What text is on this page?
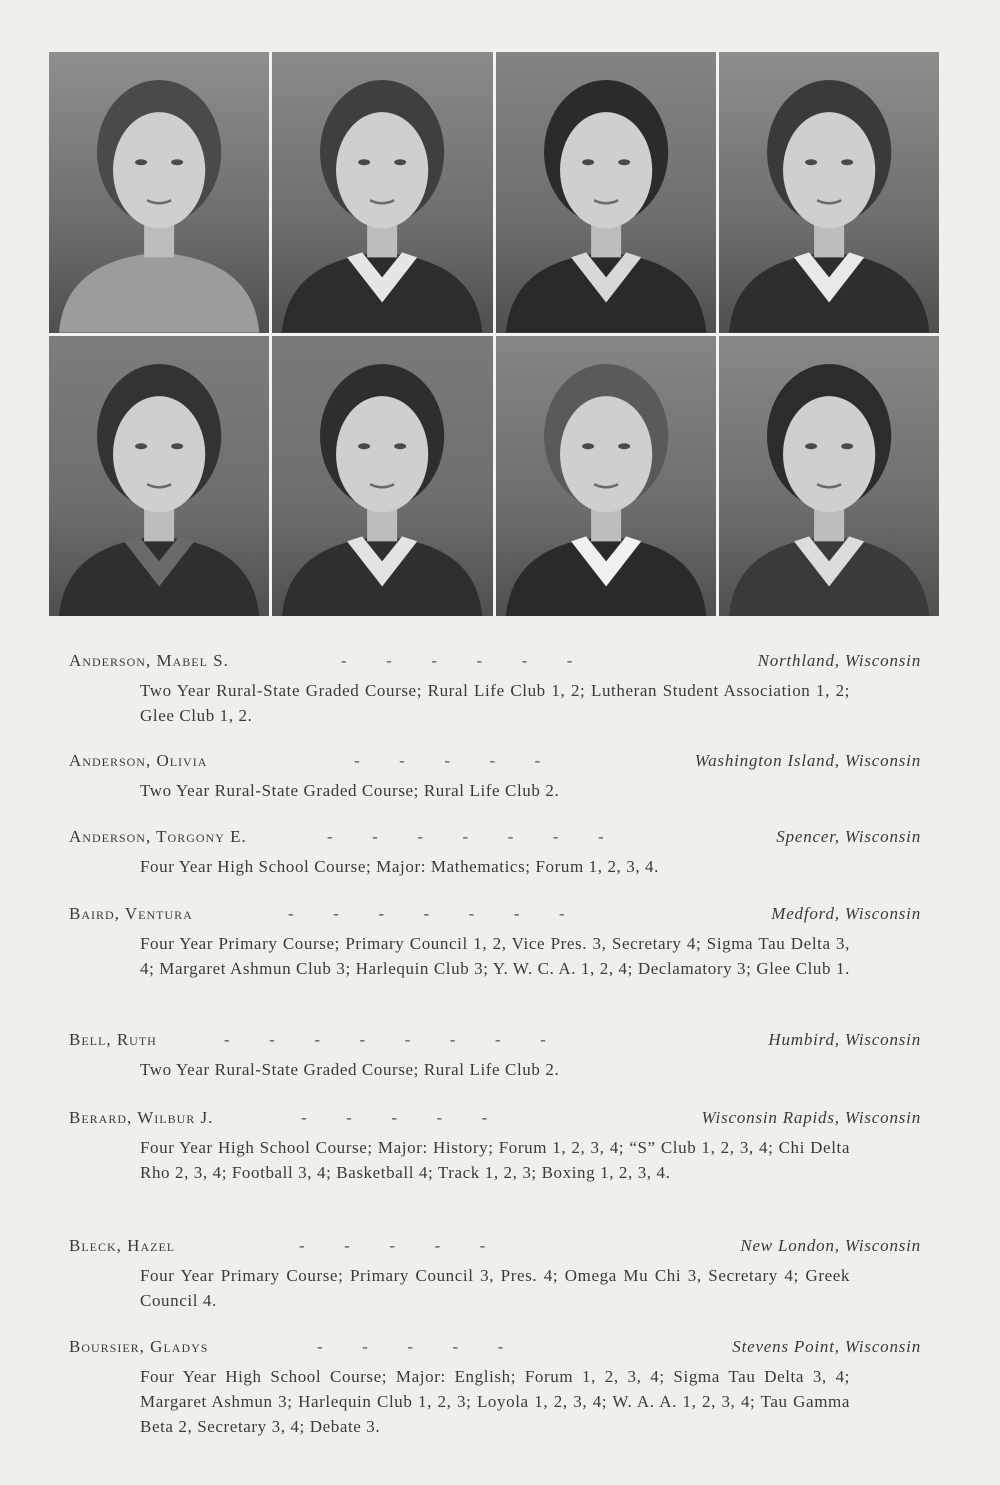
Anderson, Mabel S.	-      -      -      -      -      -	Northland, Wisconsin
Two Year Rural-State Graded Course; Rural Life Club 1, 2; Lutheran Student Association 1, 2; Glee Club 1, 2.
Anderson, Olivia	-      -      -      -      -	Washington Island, Wisconsin
Two Year Rural-State Graded Course; Rural Life Club 2.
Anderson, Torgony E.	-      -      -      -      -      -      -	Spencer, Wisconsin
Four Year High School Course; Major: Mathematics; Forum 1, 2, 3, 4.
Baird, Ventura	-      -      -      -      -      -      -	Medford, Wisconsin
Four Year Primary Course; Primary Council 1, 2, Vice Pres. 3, Secretary 4; Sigma Tau Delta 3, 4; Margaret Ashmun Club 3; Harlequin Club 3; Y. W. C. A. 1, 2, 4; Declamatory 3; Glee Club 1.
Bell, Ruth	-      -      -      -      -      -      -      -	Humbird, Wisconsin
Two Year Rural-State Graded Course; Rural Life Club 2.
Berard, Wilbur J.	-      -      -      -      -	Wisconsin Rapids, Wisconsin
Four Year High School Course; Major: History; Forum 1, 2, 3, 4; “S” Club 1, 2, 3, 4; Chi Delta Rho 2, 3, 4; Football 3, 4; Basketball 4; Track 1, 2, 3; Boxing 1, 2, 3, 4.
Bleck, Hazel	-      -      -      -      -	New London, Wisconsin
Four Year Primary Course; Primary Council 3, Pres. 4; Omega Mu Chi 3, Secretary 4; Greek Council 4.
Boursier, Gladys	-      -      -      -      -	Stevens Point, Wisconsin
Four Year High School Course; Major: English; Forum 1, 2, 3, 4; Sigma Tau Delta 3, 4; Margaret Ashmun 3; Harlequin Club 1, 2, 3; Loyola 1, 2, 3, 4; W. A. A. 1, 2, 3, 4; Tau Gamma Beta 2, Secretary 3, 4; Debate 3.
